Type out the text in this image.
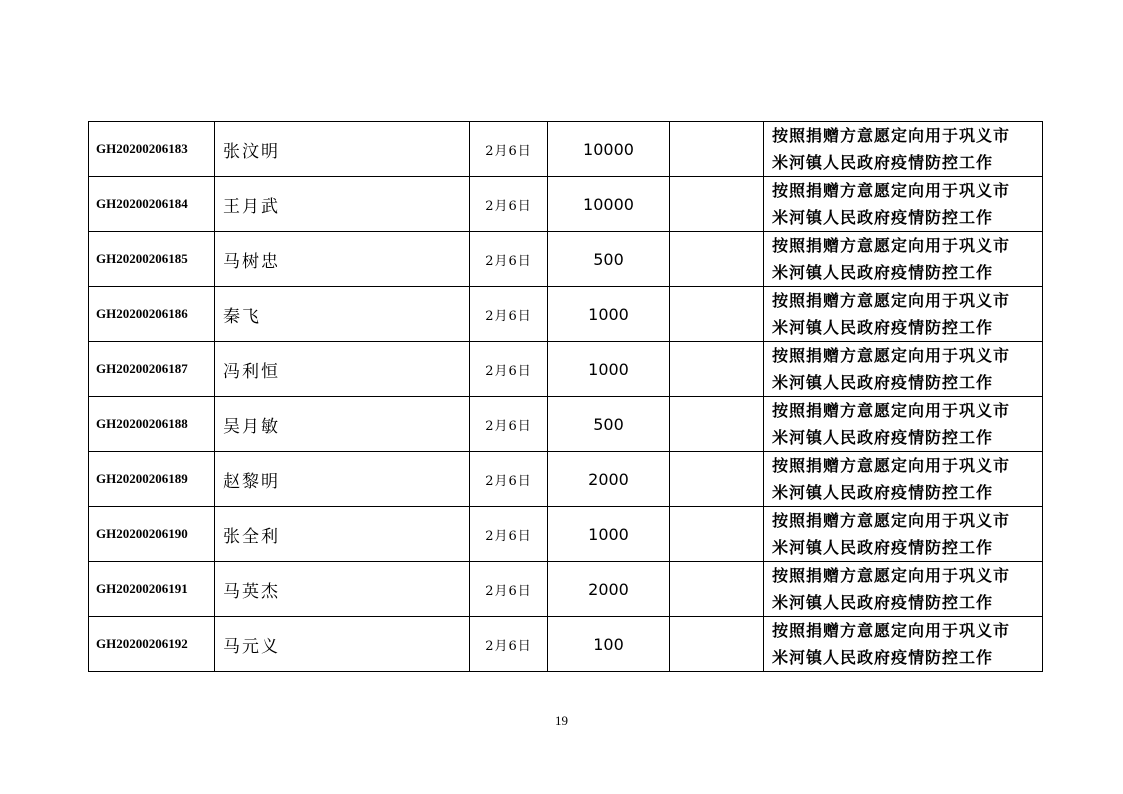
GH20200206183	张汶明	2月6日	10000		按照捐赠方意愿定向用于巩义市
米河镇人民政府疫情防控工作

GH20200206184	王月武	2月6日	10000		按照捐赠方意愿定向用于巩义市
米河镇人民政府疫情防控工作

GH20200206185	马树忠	2月6日	500		按照捐赠方意愿定向用于巩义市
米河镇人民政府疫情防控工作

GH20200206186	秦飞	2月6日	1000		按照捐赠方意愿定向用于巩义市
米河镇人民政府疫情防控工作

GH20200206187	冯利恒	2月6日	1000		按照捐赠方意愿定向用于巩义市
米河镇人民政府疫情防控工作

GH20200206188	吴月敏	2月6日	500		按照捐赠方意愿定向用于巩义市
米河镇人民政府疫情防控工作

GH20200206189	赵黎明	2月6日	2000		按照捐赠方意愿定向用于巩义市
米河镇人民政府疫情防控工作

GH20200206190	张全利	2月6日	1000		按照捐赠方意愿定向用于巩义市
米河镇人民政府疫情防控工作

GH20200206191	马英杰	2月6日	2000		按照捐赠方意愿定向用于巩义市
米河镇人民政府疫情防控工作

GH20200206192	马元义	2月6日	100		按照捐赠方意愿定向用于巩义市
米河镇人民政府疫情防控工作
19
